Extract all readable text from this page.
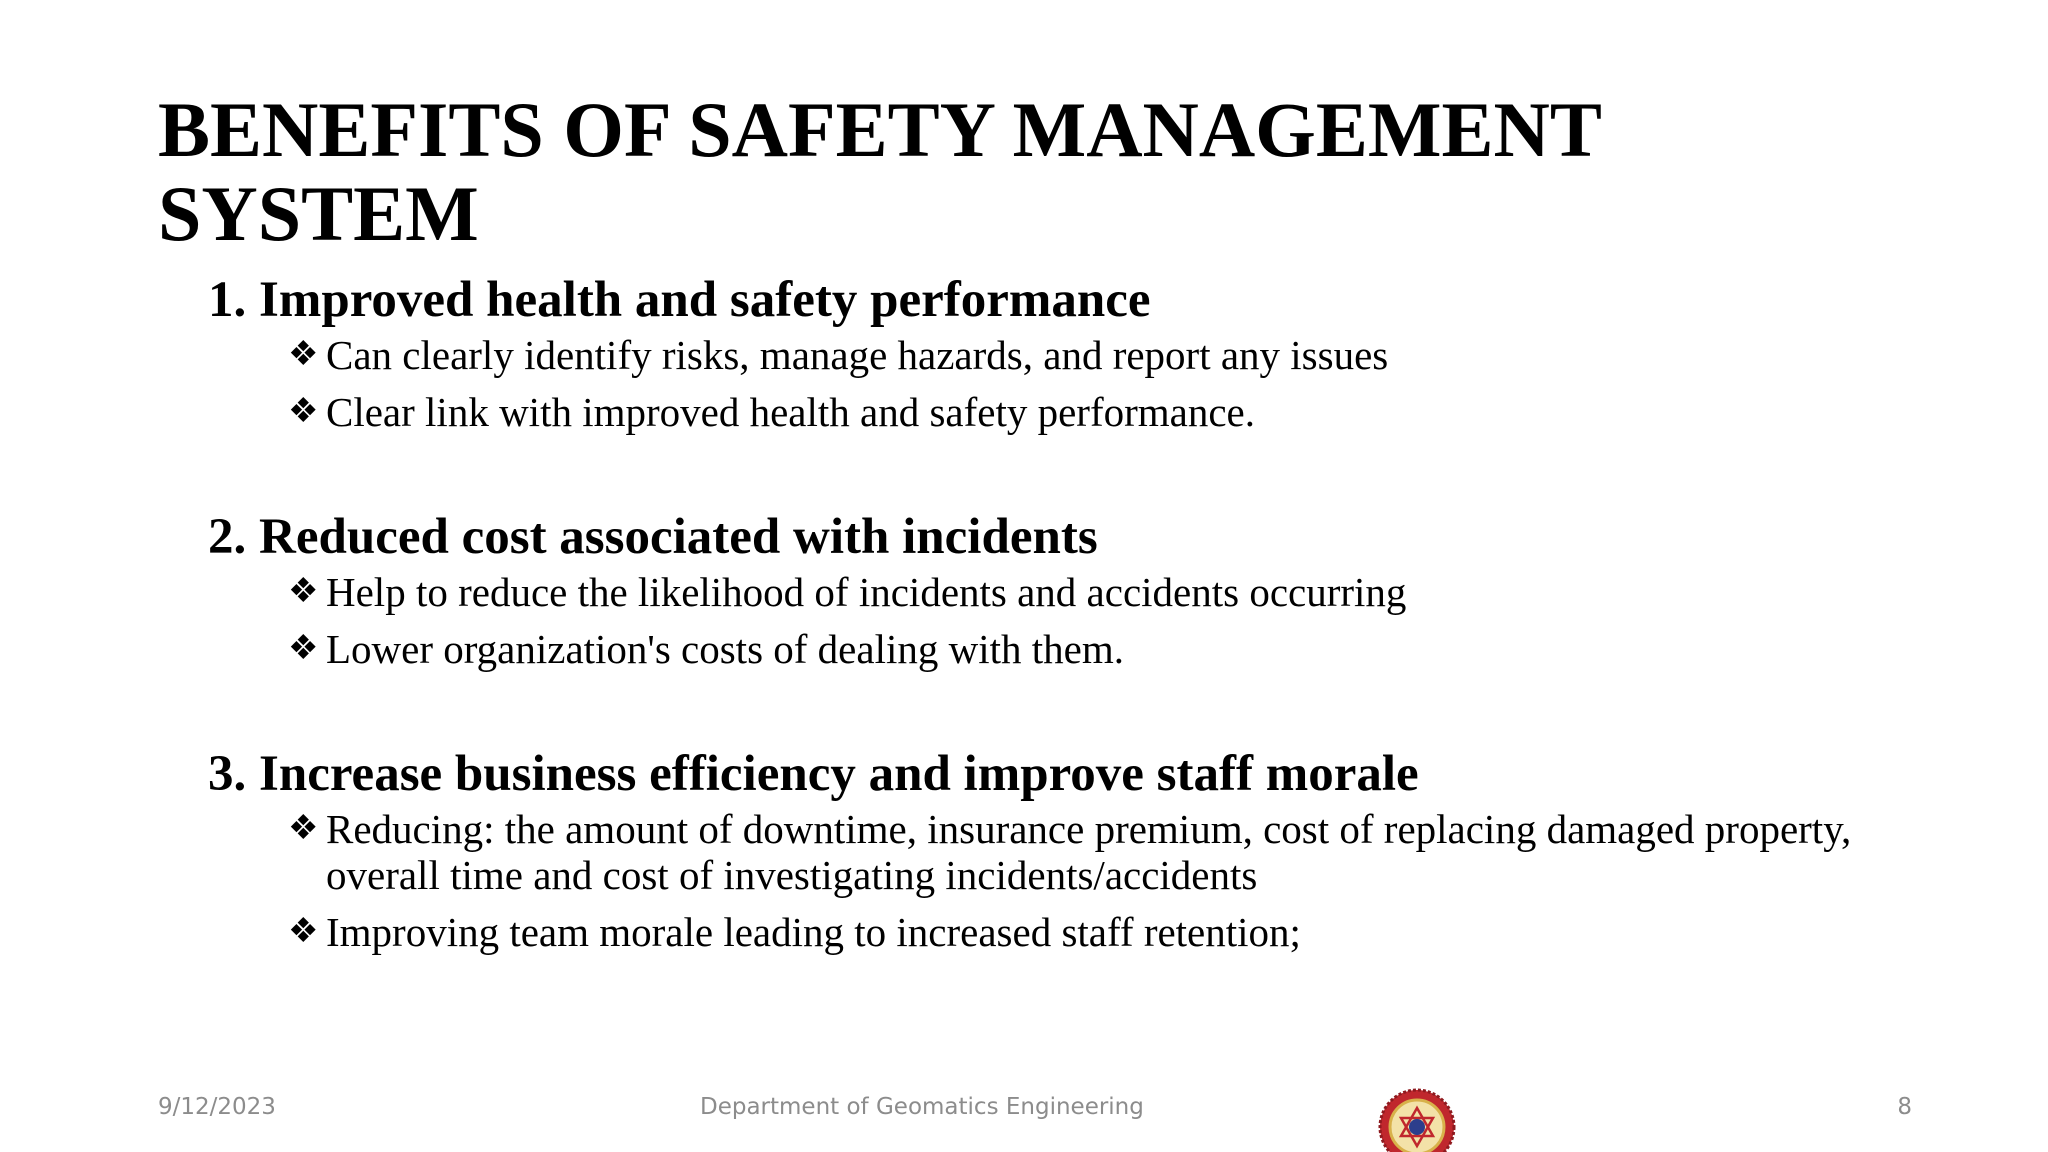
BENEFITS OF SAFETY MANAGEMENT SYSTEM
1. Improved health and safety performance
❖ Can clearly identify risks, manage hazards, and report any issues
❖ Clear link with improved health and safety performance.
2. Reduced cost associated with incidents
❖ Help to reduce the likelihood of incidents and accidents occurring
❖ Lower organization's costs of dealing with them.
3. Increase business efficiency and improve staff morale
❖ Reducing: the amount of downtime, insurance premium, cost of replacing damaged property, overall time and cost of investigating incidents/accidents
❖ Improving team morale leading to increased staff retention;
9/12/2023	Department of Geomatics Engineering	8
